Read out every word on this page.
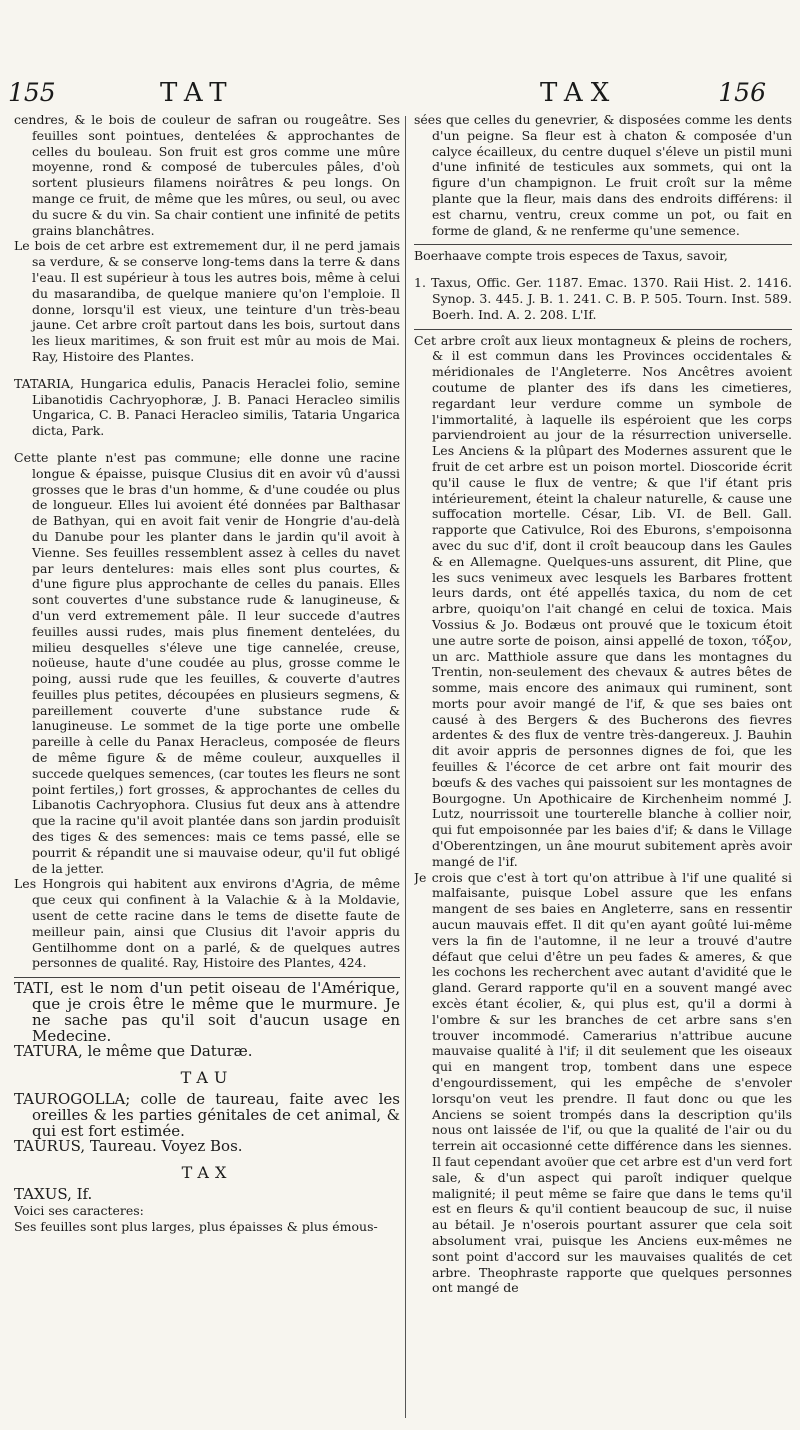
155	TAT	TAX	156

cendres, & le bois de couleur de safran ou rougeâtre. Ses feuilles sont pointues, dentelées & approchantes de celles du bouleau. Son fruit est gros comme une mûre moyenne, rond & composé de tubercules pâles, d'où sortent plusieurs filamens noirâtres & peu longs. On mange ce fruit, de même que les mûres, ou seul, ou avec du sucre & du vin. Sa chair contient une infinité de petits grains blanchâtres.

Le bois de cet arbre est extremement dur, il ne perd jamais sa verdure, & se conserve long-tems dans la terre & dans l'eau. Il est supérieur à tous les autres bois, même à celui du masarandiba, de quelque maniere qu'on l'emploie. Il donne, lorsqu'il est vieux, une teinture d'un très-beau jaune. Cet arbre croît partout dans les bois, surtout dans les lieux maritimes, & son fruit est mûr au mois de Mai. Ray, Histoire des Plantes.

TATARIA, Hungarica edulis, Panacis Heraclei folio, semine Libanotidis Cachryophoræ, J. B. Panaci Heracleo similis Ungarica, C. B. Panaci Heracleo similis, Tataria Ungarica dicta, Park.

Cette plante n'est pas commune; elle donne une racine longue & épaisse, puisque Clusius dit en avoir vû d'aussi grosses que le bras d'un homme, & d'une coudée ou plus de longueur. Elles lui avoient été données par Balthasar de Bathyan, qui en avoit fait venir de Hongrie d'au-delà du Danube pour les planter dans le jardin qu'il avoit à Vienne. Ses feuilles ressemblent assez à celles du navet par leurs dentelures: mais elles sont plus courtes, & d'une figure plus approchante de celles du panais. Elles sont couvertes d'une substance rude & lanugineuse, & d'un verd extremement pâle. Il leur succede d'autres feuilles aussi rudes, mais plus finement dentelées, du milieu desquelles s'éleve une tige cannelée, creuse, noüeuse, haute d'une coudée au plus, grosse comme le poing, aussi rude que les feuilles, & couverte d'autres feuilles plus petites, découpées en plusieurs segmens, & pareillement couverte d'une substance rude & lanugineuse. Le sommet de la tige porte une ombelle pareille à celle du Panax Heracleus, composée de fleurs de même figure & de même couleur, auxquelles il succede quelques semences, (car toutes les fleurs ne sont point fertiles,) fort grosses, & approchantes de celles du Libanotis Cachryophora. Clusius fut deux ans à attendre que la racine qu'il avoit plantée dans son jardin produisît des tiges & des semences: mais ce tems passé, elle se pourrit & répandit une si mauvaise odeur, qu'il fut obligé de la jetter.

Les Hongrois qui habitent aux environs d'Agria, de même que ceux qui confinent à la Valachie & à la Moldavie, usent de cette racine dans le tems de disette faute de meilleur pain, ainsi que Clusius dit l'avoir appris du Gentilhomme dont on a parlé, & de quelques autres personnes de qualité. Ray, Histoire des Plantes, 424.

TATI, est le nom d'un petit oiseau de l'Amérique, que je crois être le même que le murmure. Je ne sache pas qu'il soit d'aucun usage en Medecine.

TATURA, le même que Daturæ.

TAU

TAUROGOLLA; colle de taureau, faite avec les oreilles & les parties génitales de cet animal, & qui est fort estimée.

TAURUS, Taureau. Voyez Bos.

TAX

TAXUS, If.

Voici ses caracteres:

Ses feuilles sont plus larges, plus épaisses & plus émous-

sées que celles du genevrier, & disposées comme les dents d'un peigne. Sa fleur est à chaton & composée d'un calyce écailleux, du centre duquel s'éleve un pistil muni d'une infinité de testicules aux sommets, qui ont la figure d'un champignon. Le fruit croît sur la même plante que la fleur, mais dans des endroits différens: il est charnu, ventru, creux comme un pot, ou fait en forme de gland, & ne renferme qu'une semence.

Boerhaave compte trois especes de Taxus, savoir,

1. Taxus, Offic. Ger. 1187. Emac. 1370. Raii Hist. 2. 1416. Synop. 3. 445. J. B. 1. 241. C. B. P. 505. Tourn. Inst. 589. Boerh. Ind. A. 2. 208. L'If.

Cet arbre croît aux lieux montagneux & pleins de rochers, & il est commun dans les Provinces occidentales & méridionales de l'Angleterre. Nos Ancêtres avoient coutume de planter des ifs dans les cimetieres, regardant leur verdure comme un symbole de l'immortalité, à laquelle ils espéroient que les corps parviendroient au jour de la résurrection universelle. Les Anciens & la plûpart des Modernes assurent que le fruit de cet arbre est un poison mortel. Dioscoride écrit qu'il cause le flux de ventre; & que l'if étant pris intérieurement, éteint la chaleur naturelle, & cause une suffocation mortelle. César, Lib. VI. de Bell. Gall. rapporte que Cativulce, Roi des Eburons, s'empoisonna avec du suc d'if, dont il croît beaucoup dans les Gaules & en Allemagne. Quelques-uns assurent, dit Pline, que les sucs venimeux avec lesquels les Barbares frottent leurs dards, ont été appellés taxica, du nom de cet arbre, quoiqu'on l'ait changé en celui de toxica. Mais Vossius & Jo. Bodæus ont prouvé que le toxicum étoit une autre sorte de poison, ainsi appellé de toxon, τόξον, un arc. Matthiole assure que dans les montagnes du Trentin, non-seulement des chevaux & autres bêtes de somme, mais encore des animaux qui ruminent, sont morts pour avoir mangé de l'if, & que ses baies ont causé à des Bergers & des Bucherons des fievres ardentes & des flux de ventre très-dangereux. J. Bauhin dit avoir appris de personnes dignes de foi, que les feuilles & l'écorce de cet arbre ont fait mourir des bœufs & des vaches qui paissoient sur les montagnes de Bourgogne. Un Apothicaire de Kirchenheim nommé J. Lutz, nourrissoit une tourterelle blanche à collier noir, qui fut empoisonnée par les baies d'if; & dans le Village d'Oberentzingen, un âne mourut subitement après avoir mangé de l'if.

Je crois que c'est à tort qu'on attribue à l'if une qualité si malfaisante, puisque Lobel assure que les enfans mangent de ses baies en Angleterre, sans en ressentir aucun mauvais effet. Il dit qu'en ayant goûté lui-même vers la fin de l'automne, il ne leur a trouvé d'autre défaut que celui d'être un peu fades & ameres, & que les cochons les recherchent avec autant d'avidité que le gland. Gerard rapporte qu'il en a souvent mangé avec excès étant écolier, &, qui plus est, qu'il a dormi à l'ombre & sur les branches de cet arbre sans s'en trouver incommodé. Camerarius n'attribue aucune mauvaise qualité à l'if; il dit seulement que les oiseaux qui en mangent trop, tombent dans une espece d'engourdissement, qui les empêche de s'envoler lorsqu'on veut les prendre. Il faut donc ou que les Anciens se soient trompés dans la description qu'ils nous ont laissée de l'if, ou que la qualité de l'air ou du terrein ait occasionné cette différence dans les siennes. Il faut cependant avoüer que cet arbre est d'un verd fort sale, & d'un aspect qui paroît indiquer quelque malignité; il peut même se faire que dans le tems qu'il est en fleurs & qu'il contient beaucoup de suc, il nuise au bétail. Je n'oserois pourtant assurer que cela soit absolument vrai, puisque les Anciens eux-mêmes ne sont point d'accord sur les mauvaises qualités de cet arbre. Theophraste rapporte que quelques personnes ont mangé de
